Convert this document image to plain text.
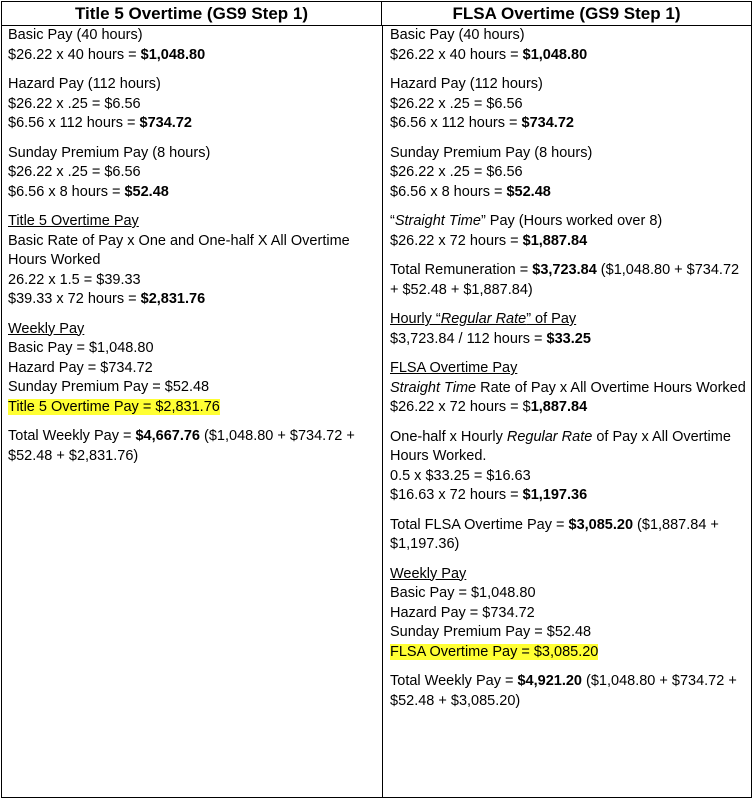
Title 5 Overtime (GS9 Step 1)	FLSA Overtime (GS9 Step 1)
Basic Pay (40 hours)
$26.22 x 40 hours = $1,048.80
Hazard Pay (112 hours)
$26.22 x .25 = $6.56
$6.56 x 112 hours = $734.72
Sunday Premium Pay (8 hours)
$26.22 x .25 = $6.56
$6.56 x 8 hours = $52.48
Title 5 Overtime Pay
Basic Rate of Pay x One and One-half X All Overtime Hours Worked
26.22 x 1.5 = $39.33
$39.33 x 72 hours = $2,831.76
Weekly Pay
Basic Pay = $1,048.80
Hazard Pay = $734.72
Sunday Premium Pay = $52.48
Title 5 Overtime Pay = $2,831.76
Total Weekly Pay = $4,667.76 ($1,048.80 + $734.72 + $52.48 + $2,831.76)
Basic Pay (40 hours)
$26.22 x 40 hours = $1,048.80
Hazard Pay (112 hours)
$26.22 x .25 = $6.56
$6.56 x 112 hours = $734.72
Sunday Premium Pay (8 hours)
$26.22 x .25 = $6.56
$6.56 x 8 hours = $52.48
“Straight Time” Pay (Hours worked over 8)
$26.22 x 72 hours = $1,887.84
Total Remuneration = $3,723.84 ($1,048.80 + $734.72 + $52.48 + $1,887.84)
Hourly “Regular Rate” of Pay
$3,723.84 / 112 hours = $33.25
FLSA Overtime Pay
Straight Time Rate of Pay x All Overtime Hours Worked
$26.22 x 72 hours = $1,887.84
One-half x Hourly Regular Rate of Pay x All Overtime Hours Worked.
0.5 x $33.25 = $16.63
$16.63 x 72 hours = $1,197.36
Total FLSA Overtime Pay = $3,085.20 ($1,887.84 + $1,197.36)
Weekly Pay
Basic Pay = $1,048.80
Hazard Pay = $734.72
Sunday Premium Pay = $52.48
FLSA Overtime Pay = $3,085.20
Total Weekly Pay = $4,921.20 ($1,048.80 + $734.72 + $52.48 + $3,085.20)
